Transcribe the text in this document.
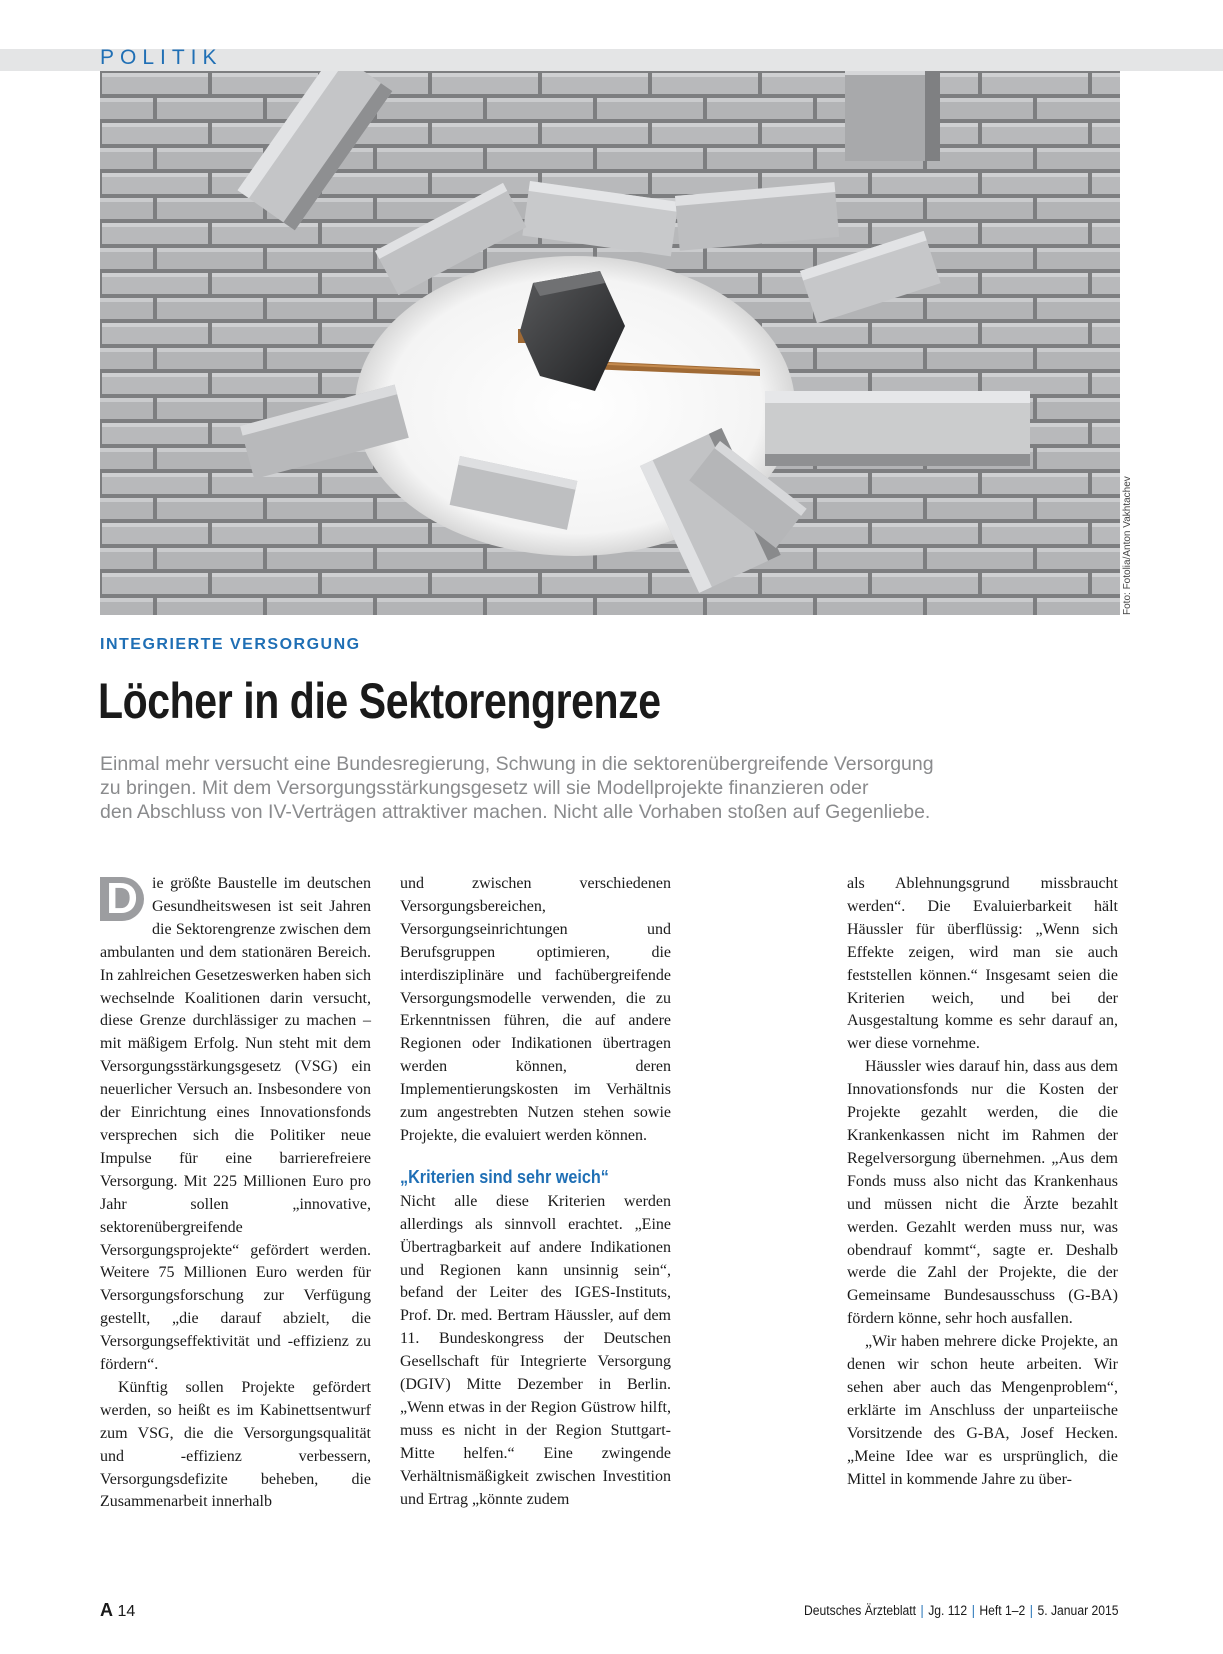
POLITIK

Foto: Fotolia/Anton Vakhtachev

INTEGRIERTE VERSORGUNG

Löcher in die Sektorengrenze

Einmal mehr versucht eine Bundesregierung, Schwung in die sektorenübergreifende Versorgung
zu bringen. Mit dem Versorgungsstärkungsgesetz will sie Modellprojekte finanzieren oder
den Abschluss von IV-Verträgen attraktiver machen. Nicht alle Vorhaben stoßen auf Gegenliebe.

D ie größte Baustelle im deutschen Gesundheitswesen ist seit Jahren die Sektorengrenze zwischen dem ambulanten und dem stationären Bereich. In zahlreichen Gesetzeswerken haben sich wechselnde Koalitionen darin versucht, diese Grenze durchlässiger zu machen – mit mäßigem Erfolg. Nun steht mit dem Versorgungsstärkungsgesetz (VSG) ein neuerlicher Versuch an. Insbesondere von der Einrichtung eines Innovationsfonds versprechen sich die Politiker neue Impulse für eine barrierefreiere Versorgung. Mit 225 Millionen Euro pro Jahr sollen „innovative, sektorenübergreifende Versorgungsprojekte“ gefördert werden. Weitere 75 Millionen Euro werden für Versorgungsforschung zur Verfügung gestellt, „die darauf abzielt, die Versorgungseffektivität und -effizienz zu fördern“.

Künftig sollen Projekte gefördert werden, so heißt es im Kabinettsentwurf zum VSG, die die Versorgungsqualität und -effizienz verbessern, Versorgungsdefizite beheben, die Zusammenarbeit innerhalb

und zwischen verschiedenen Versorgungsbereichen, Versorgungseinrichtungen und Berufsgruppen optimieren, die interdisziplinäre und fachübergreifende Versorgungsmodelle verwenden, die zu Erkenntnissen führen, die auf andere Regionen oder Indikationen übertragen werden können, deren Implementierungskosten im Verhältnis zum angestrebten Nutzen stehen sowie Projekte, die evaluiert werden können.

„Kriterien sind sehr weich“

Nicht alle diese Kriterien werden allerdings als sinnvoll erachtet. „Eine Übertragbarkeit auf andere Indikationen und Regionen kann unsinnig sein“, befand der Leiter des IGES-Instituts, Prof. Dr. med. Bertram Häussler, auf dem 11. Bundeskongress der Deutschen Gesellschaft für Integrierte Versorgung (DGIV) Mitte Dezember in Berlin. „Wenn etwas in der Region Güstrow hilft, muss es nicht in der Region Stuttgart-Mitte helfen.“ Eine zwingende Verhältnismäßigkeit zwischen Investition und Ertrag „könnte zudem

als Ablehnungsgrund missbraucht werden“. Die Evaluierbarkeit hält Häussler für überflüssig: „Wenn sich Effekte zeigen, wird man sie auch feststellen können.“ Insgesamt seien die Kriterien weich, und bei der Ausgestaltung komme es sehr darauf an, wer diese vornehme.

Häussler wies darauf hin, dass aus dem Innovationsfonds nur die Kosten der Projekte gezahlt werden, die die Krankenkassen nicht im Rahmen der Regelversorgung übernehmen. „Aus dem Fonds muss also nicht das Krankenhaus und müssen nicht die Ärzte bezahlt werden. Gezahlt werden muss nur, was obendrauf kommt“, sagte er. Deshalb werde die Zahl der Projekte, die der Gemeinsame Bundesausschuss (G-BA) fördern könne, sehr hoch ausfallen.

„Wir haben mehrere dicke Projekte, an denen wir schon heute arbeiten. Wir sehen aber auch das Mengenproblem“, erklärte im Anschluss der unparteiische Vorsitzende des G-BA, Josef Hecken. „Meine Idee war es ursprünglich, die Mittel in kommende Jahre zu über-

A 14	Deutsches Ärzteblatt | Jg. 112 | Heft 1–2 | 5. Januar 2015
